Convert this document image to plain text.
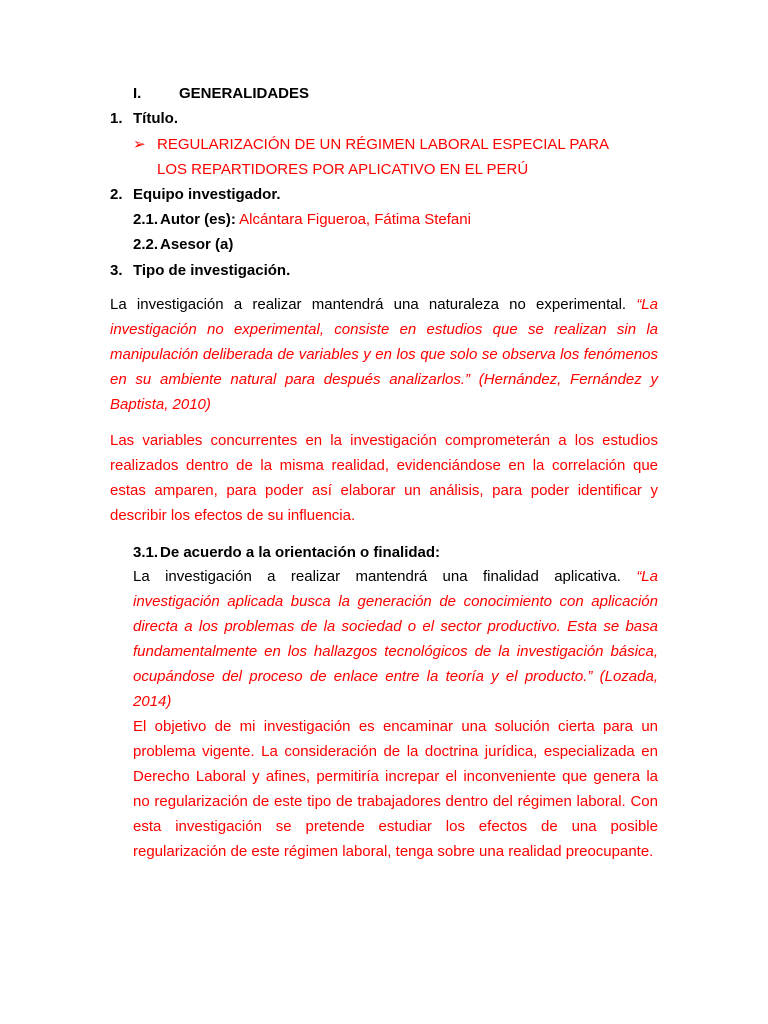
I.	GENERALIDADES
1. Título.
➢ REGULARIZACIÓN DE UN RÉGIMEN LABORAL ESPECIAL PARA
LOS REPARTIDORES POR APLICATIVO EN EL PERÚ
2. Equipo investigador.
2.1. Autor (es): Alcántara Figueroa, Fátima Stefani
2.2. Asesor (a)
3. Tipo de investigación.
La investigación a realizar mantendrá una naturaleza no experimental. “La investigación no experimental, consiste en estudios que se realizan sin la manipulación deliberada de variables y en los que solo se observa los fenómenos en su ambiente natural para después analizarlos.” (Hernández, Fernández y Baptista, 2010)
Las variables concurrentes en la investigación comprometerán a los estudios realizados dentro de la misma realidad, evidenciándose en la correlación que estas amparen, para poder así elaborar un análisis, para poder identificar y describir los efectos de su influencia.
3.1. De acuerdo a la orientación o finalidad:
La investigación a realizar mantendrá una finalidad aplicativa. “La investigación aplicada busca la generación de conocimiento con aplicación directa a los problemas de la sociedad o el sector productivo. Esta se basa fundamentalmente en los hallazgos tecnológicos de la investigación básica, ocupándose del proceso de enlace entre la teoría y el producto.” (Lozada, 2014)
El objetivo de mi investigación es encaminar una solución cierta para un problema vigente. La consideración de la doctrina jurídica, especializada en Derecho Laboral y afines, permitiría increpar el inconveniente que genera la no regularización de este tipo de trabajadores dentro del régimen laboral. Con esta investigación se pretende estudiar los efectos de una posible regularización de este régimen laboral, tenga sobre una realidad preocupante.
